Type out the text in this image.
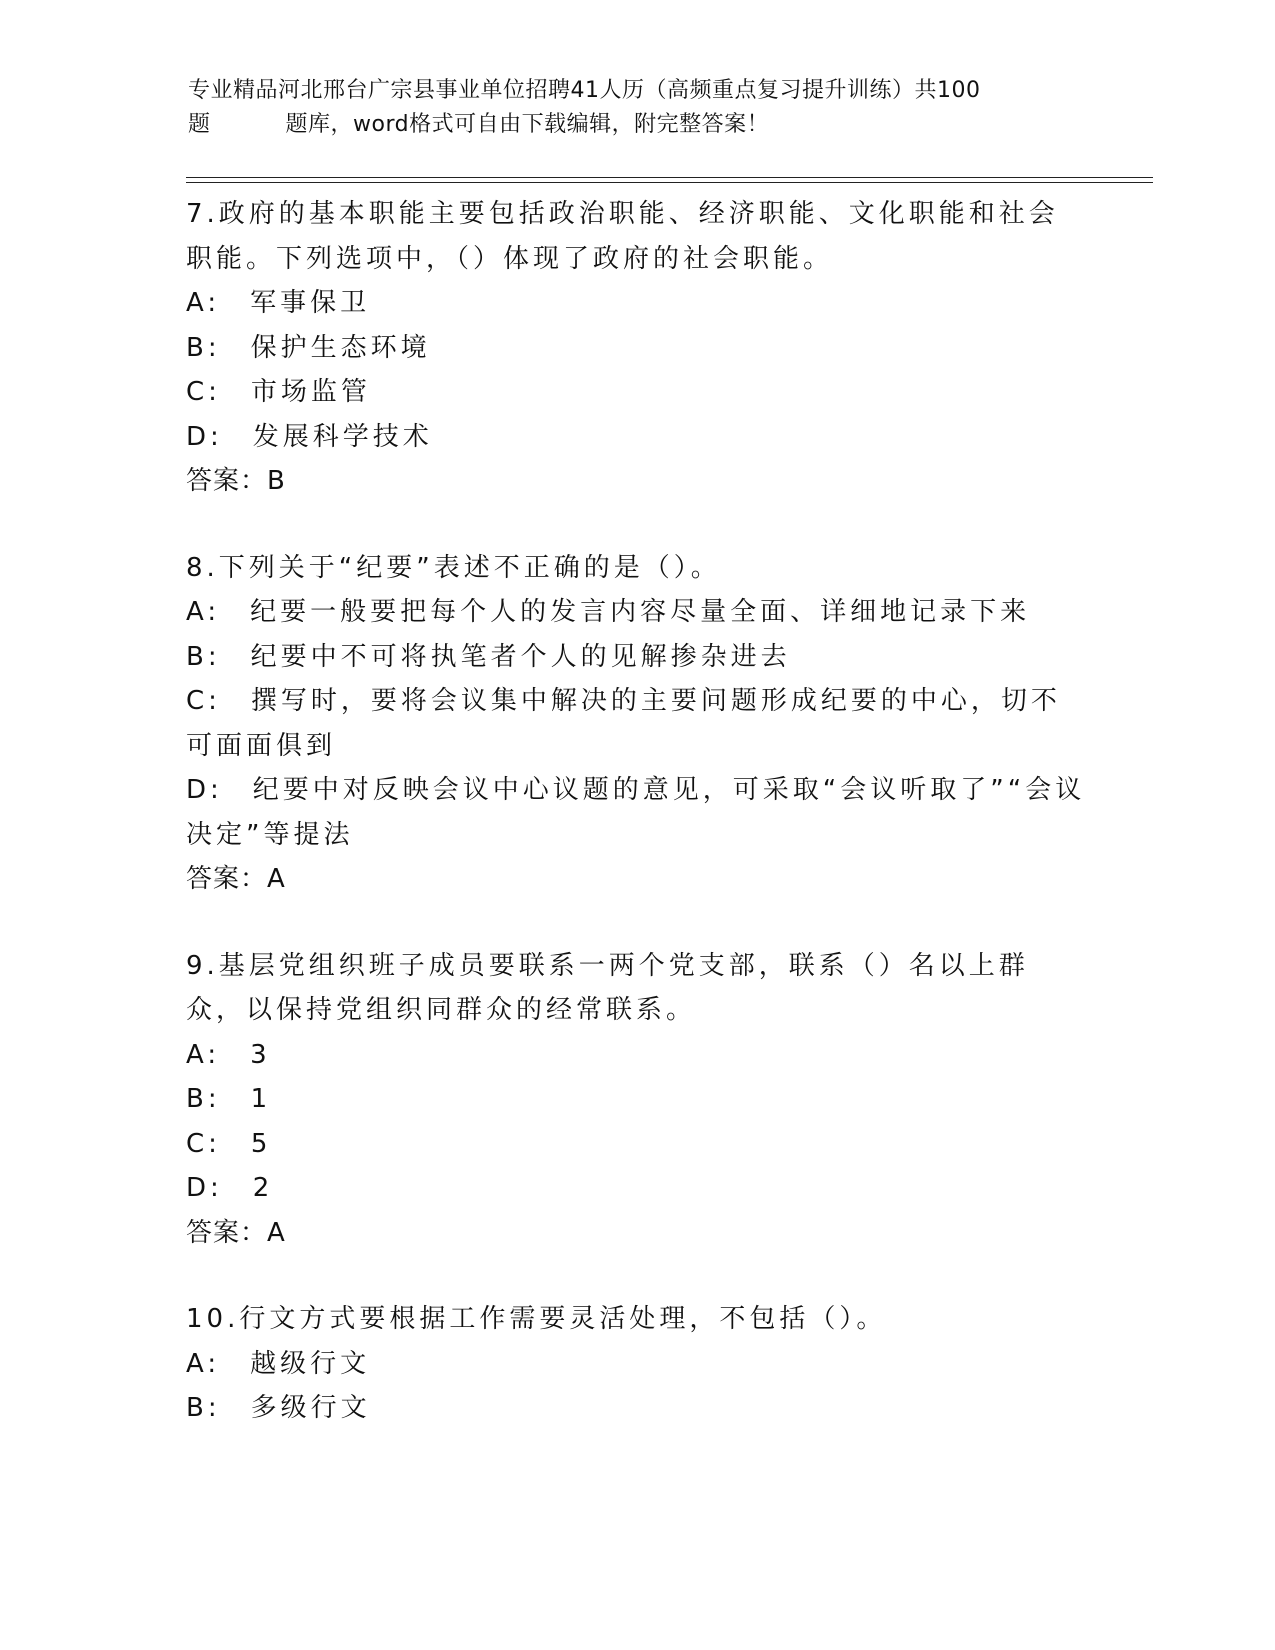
专业精品河北邢台广宗县事业单位招聘41人历（高频重点复习提升训练）共100
题	题库，word格式可自由下载编辑，附完整答案！
7.政府的基本职能主要包括政治职能、经济职能、文化职能和社会职能。下列选项中，（）体现了政府的社会职能。
A:　军事保卫
B:　保护生态环境
C:　市场监管
D:　发展科学技术
答案：B
8.下列关于“纪要”表述不正确的是（）。
A:　纪要一般要把每个人的发言内容尽量全面、详细地记录下来
B:　纪要中不可将执笔者个人的见解掺杂进去
C:　撰写时，要将会议集中解决的主要问题形成纪要的中心，切不可面面俱到
D:　纪要中对反映会议中心议题的意见，可采取“会议听取了”“会议决定”等提法
答案：A
9.基层党组织班子成员要联系一两个党支部，联系（）名以上群众，以保持党组织同群众的经常联系。
A:　3
B:　1
C:　5
D:　2
答案：A
10.行文方式要根据工作需要灵活处理，不包括（）。
A:　越级行文
B:　多级行文
